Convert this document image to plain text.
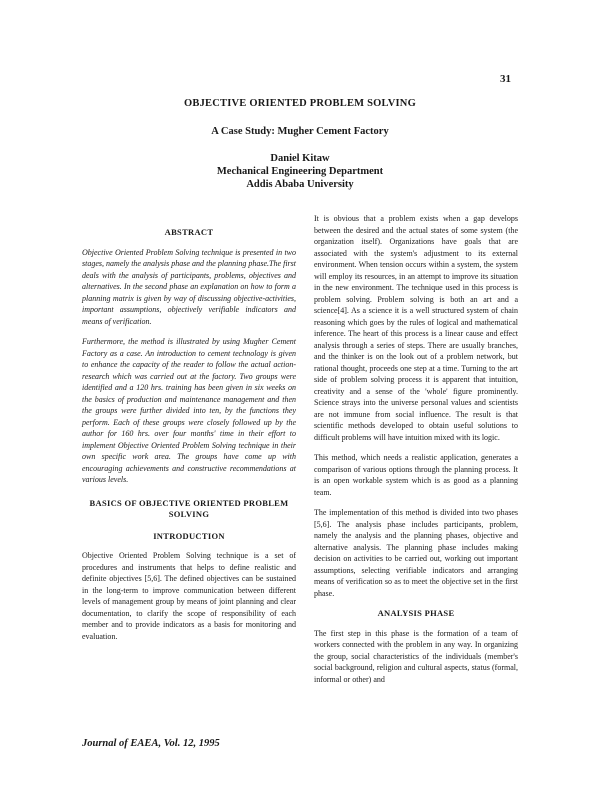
31
OBJECTIVE ORIENTED PROBLEM SOLVING
A Case Study: Mugher Cement Factory
Daniel Kitaw
Mechanical Engineering Department
Addis Ababa University
ABSTRACT

Objective Oriented Problem Solving technique is presented in two stages, namely the analysis phase and the planning phase.The first deals with the analysis of participants, problems, objectives and alternatives. In the second phase an explanation on how to form a planning matrix is given by way of discussing objective-activities, important assumptions, objectively verifiable indicators and means of verification.

Furthermore, the method is illustrated by using Mugher Cement Factory as a case. An introduction to cement technology is given to enhance the capacity of the reader to follow the actual action-research which was carried out at the factory. Two groups were identified and a 120 hrs. training has been given in six weeks on the basics of production and maintenance management and then the groups were further divided into ten, by the functions they perform. Each of these groups were closely followed up by the author for 160 hrs. over four months' time in their effort to implement Objective Oriented Problem Solving technique in their own specific work area. The groups have come up with encouraging achievements and constructive recommendations at various levels.

BASICS OF OBJECTIVE ORIENTED PROBLEM SOLVING
INTRODUCTION

Objective Oriented Problem Solving technique is a set of procedures and instruments that helps to define realistic and definite objectives [5,6]. The defined objectives can be sustained in the long-term to improve communication between different levels of management group by means of joint planning and clear documentation, to clarify the scope of responsibility of each member and to provide indicators as a basis for monitoring and evaluation.

It is obvious that a problem exists when a gap develops between the desired and the actual states of some system (the organization itself). Organizations have goals that are associated with the system's adjustment to its external environment. When tension occurs within a system, the system will employ its resources, in an attempt to improve its situation in the new environment. The technique used in this process is problem solving. Problem solving is both an art and a science[4]. As a science it is a well structured system of chain reasoning which goes by the rules of logical and mathematical inference. The heart of this process is a linear cause and effect analysis through a series of steps. There are usually branches, and the thinker is on the look out of a problem network, but rational thought, proceeds one step at a time. Turning to the art side of problem solving process it is apparent that intuition, creativity and a sense of the 'whole' figure prominently. Science strays into the universe personal values and scientists are not immune from social influence. The result is that scientific methods developed to obtain useful solutions to difficult problems will have intuition mixed with its logic.

This method, which needs a realistic application, generates a comparison of various options through the planning process. It is an open workable system which is as good as a planning team.

The implementation of this method is divided into two phases [5,6]. The analysis phase includes participants, problem, namely the analysis and the planning phases, objective and alternative analysis. The planning phase includes making decision on activities to be carried out, working out important assumptions, selecting verifiable indicators and arranging means of verification so as to meet the objective set in the first phase.

ANALYSIS PHASE

The first step in this phase is the formation of a team of workers connected with the problem in any way. In organizing the group, social characteristics of the individuals (member's social background, religion and cultural aspects, status (formal, informal or other) and

Journal of EAEA, Vol. 12, 1995
